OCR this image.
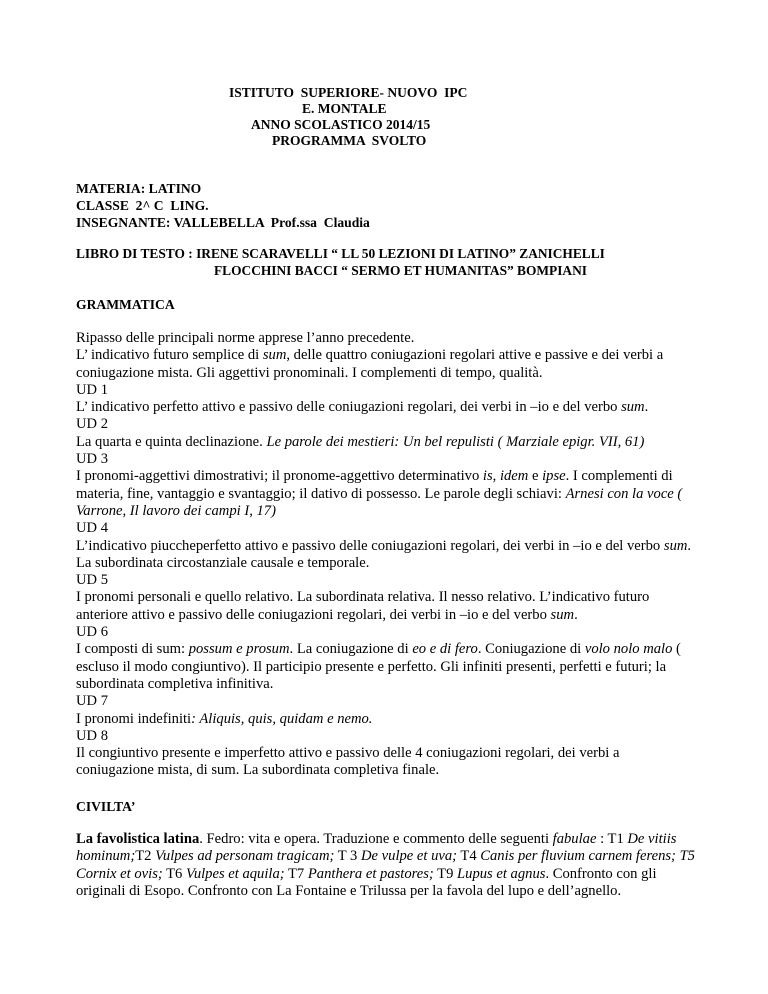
ISTITUTO  SUPERIORE- NUOVO  IPC
E. MONTALE
ANNO SCOLASTICO 2014/15
PROGRAMMA  SVOLTO
MATERIA: LATINO
CLASSE  2^ C  LING.
INSEGNANTE: VALLEBELLA  Prof.ssa  Claudia
LIBRO DI TESTO : IRENE SCARAVELLI “ LL 50 LEZIONI DI LATINO” ZANICHELLI
FLOCCHINI BACCI “ SERMO ET HUMANITAS” BOMPIANI
GRAMMATICA

Ripasso delle principali norme apprese l’anno precedente.

L’ indicativo futuro semplice di sum, delle quattro coniugazioni regolari attive e passive e dei verbi a coniugazione mista. Gli aggettivi pronominali. I complementi di tempo, qualità.

UD 1

L’ indicativo perfetto attivo e passivo delle coniugazioni regolari, dei verbi in –io e del verbo sum.

UD 2

La quarta e quinta declinazione. Le parole dei mestieri: Un bel repulisti ( Marziale epigr. VII, 61)

UD 3

I pronomi-aggettivi dimostrativi; il pronome-aggettivo determinativo is, idem e ipse. I complementi di materia, fine, vantaggio e svantaggio; il dativo di possesso. Le parole degli schiavi: Arnesi con la voce ( Varrone, Il lavoro dei campi I, 17)

UD 4

L’indicativo piuccheperfetto attivo e passivo delle coniugazioni regolari, dei verbi in –io e del verbo sum. La subordinata circostanziale causale e temporale.

UD 5

I pronomi personali e quello relativo. La subordinata relativa. Il nesso relativo. L’indicativo futuro anteriore attivo e passivo delle coniugazioni regolari, dei verbi in –io e del verbo sum.

UD 6

I composti di sum: possum e prosum. La coniugazione di eo e di fero. Coniugazione di volo nolo malo ( escluso il modo congiuntivo). Il participio presente e perfetto. Gli infiniti presenti, perfetti e futuri; la subordinata completiva infinitiva.

UD 7

I pronomi indefiniti: Aliquis, quis, quidam e nemo.

UD 8

Il congiuntivo presente e imperfetto attivo e passivo delle 4 coniugazioni regolari, dei verbi a coniugazione mista, di sum. La subordinata completiva finale.

CIVILTA’

La favolistica latina. Fedro: vita e opera. Traduzione e commento delle seguenti fabulae : T1 De vitiis hominum;T2 Vulpes ad personam tragicam; T 3 De vulpe et uva; T4 Canis per fluvium carnem ferens; T5 Cornix et ovis; T6 Vulpes et aquila; T7 Panthera et pastores; T9 Lupus et agnus. Confronto con gli originali di Esopo. Confronto con La Fontaine e Trilussa per la favola del lupo e dell’agnello.
